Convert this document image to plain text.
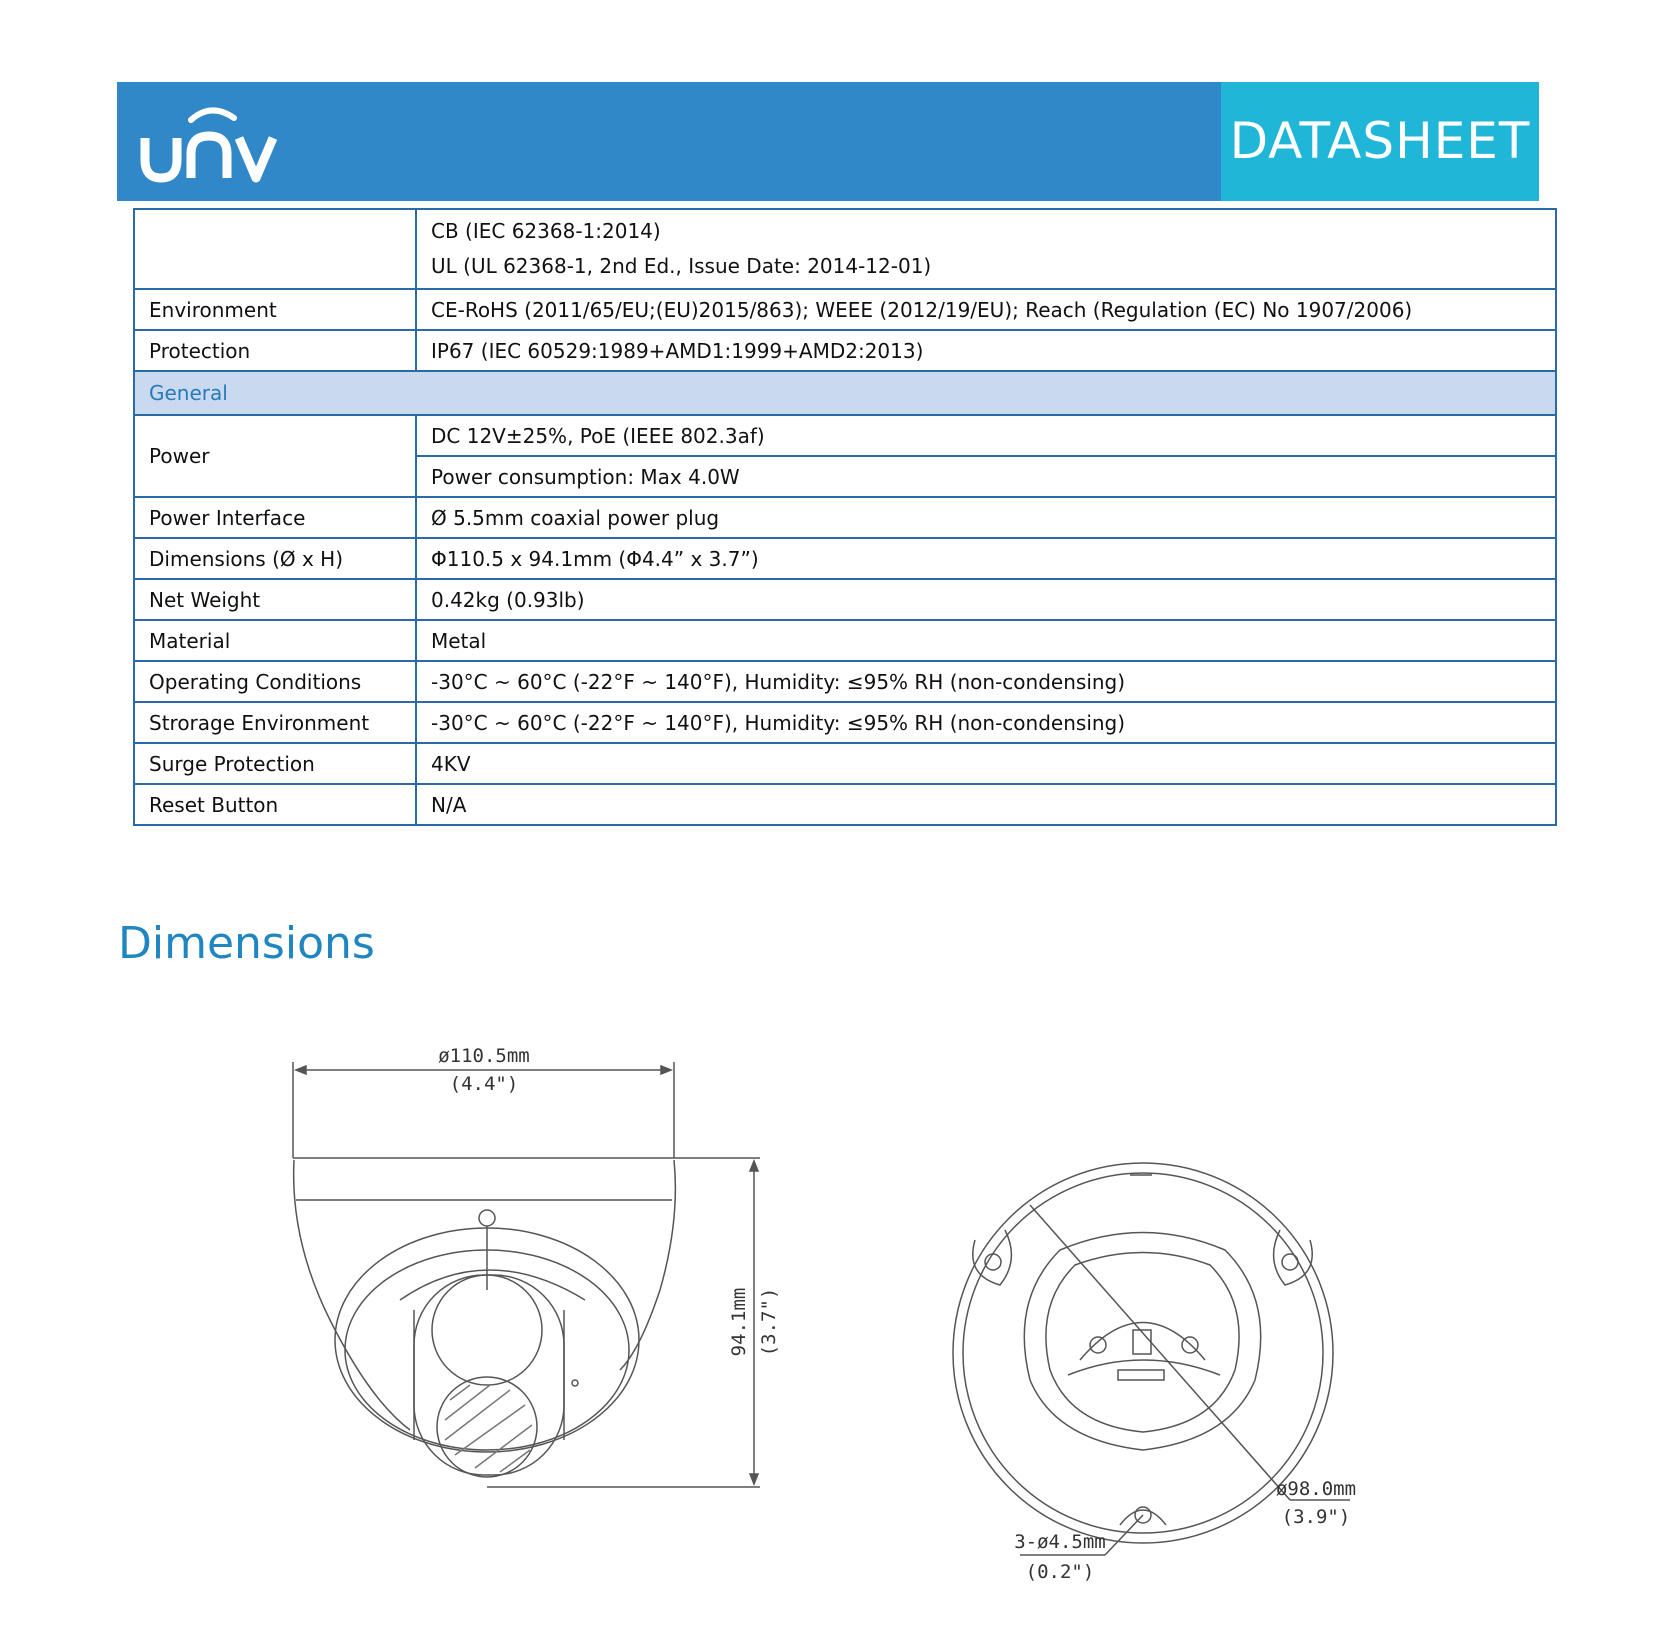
DATASHEET

	CB (IEC 62368-1:2014)
UL (UL 62368-1, 2nd Ed., Issue Date: 2014-12-01)

Environment	CE-RoHS (2011/65/EU;(EU)2015/863); WEEE (2012/19/EU); Reach (Regulation (EC) No 1907/2006)
Protection	IP67 (IEC 60529:1989+AMD1:1999+AMD2:2013)
General	
Power	DC 12V±25%, PoE (IEEE 802.3af)
	Power consumption: Max 4.0W
Power Interface	Ø 5.5mm coaxial power plug
Dimensions (Ø x H)	Φ110.5 x 94.1mm (Φ4.4” x 3.7”)
Net Weight	0.42kg (0.93lb)
Material	Metal
Operating Conditions	-30°C ~ 60°C (-22°F ~ 140°F), Humidity: ≤95% RH (non-condensing)
Strorage Environment	-30°C ~ 60°C (-22°F ~ 140°F), Humidity: ≤95% RH (non-condensing)
Surge Protection	4KV
Reset Button	N/A
Dimensions
ø110.5mm
(4.4")
94.1mm (3.7")
ø98.0mm
(3.9")
3-ø4.5mm
(0.2")
